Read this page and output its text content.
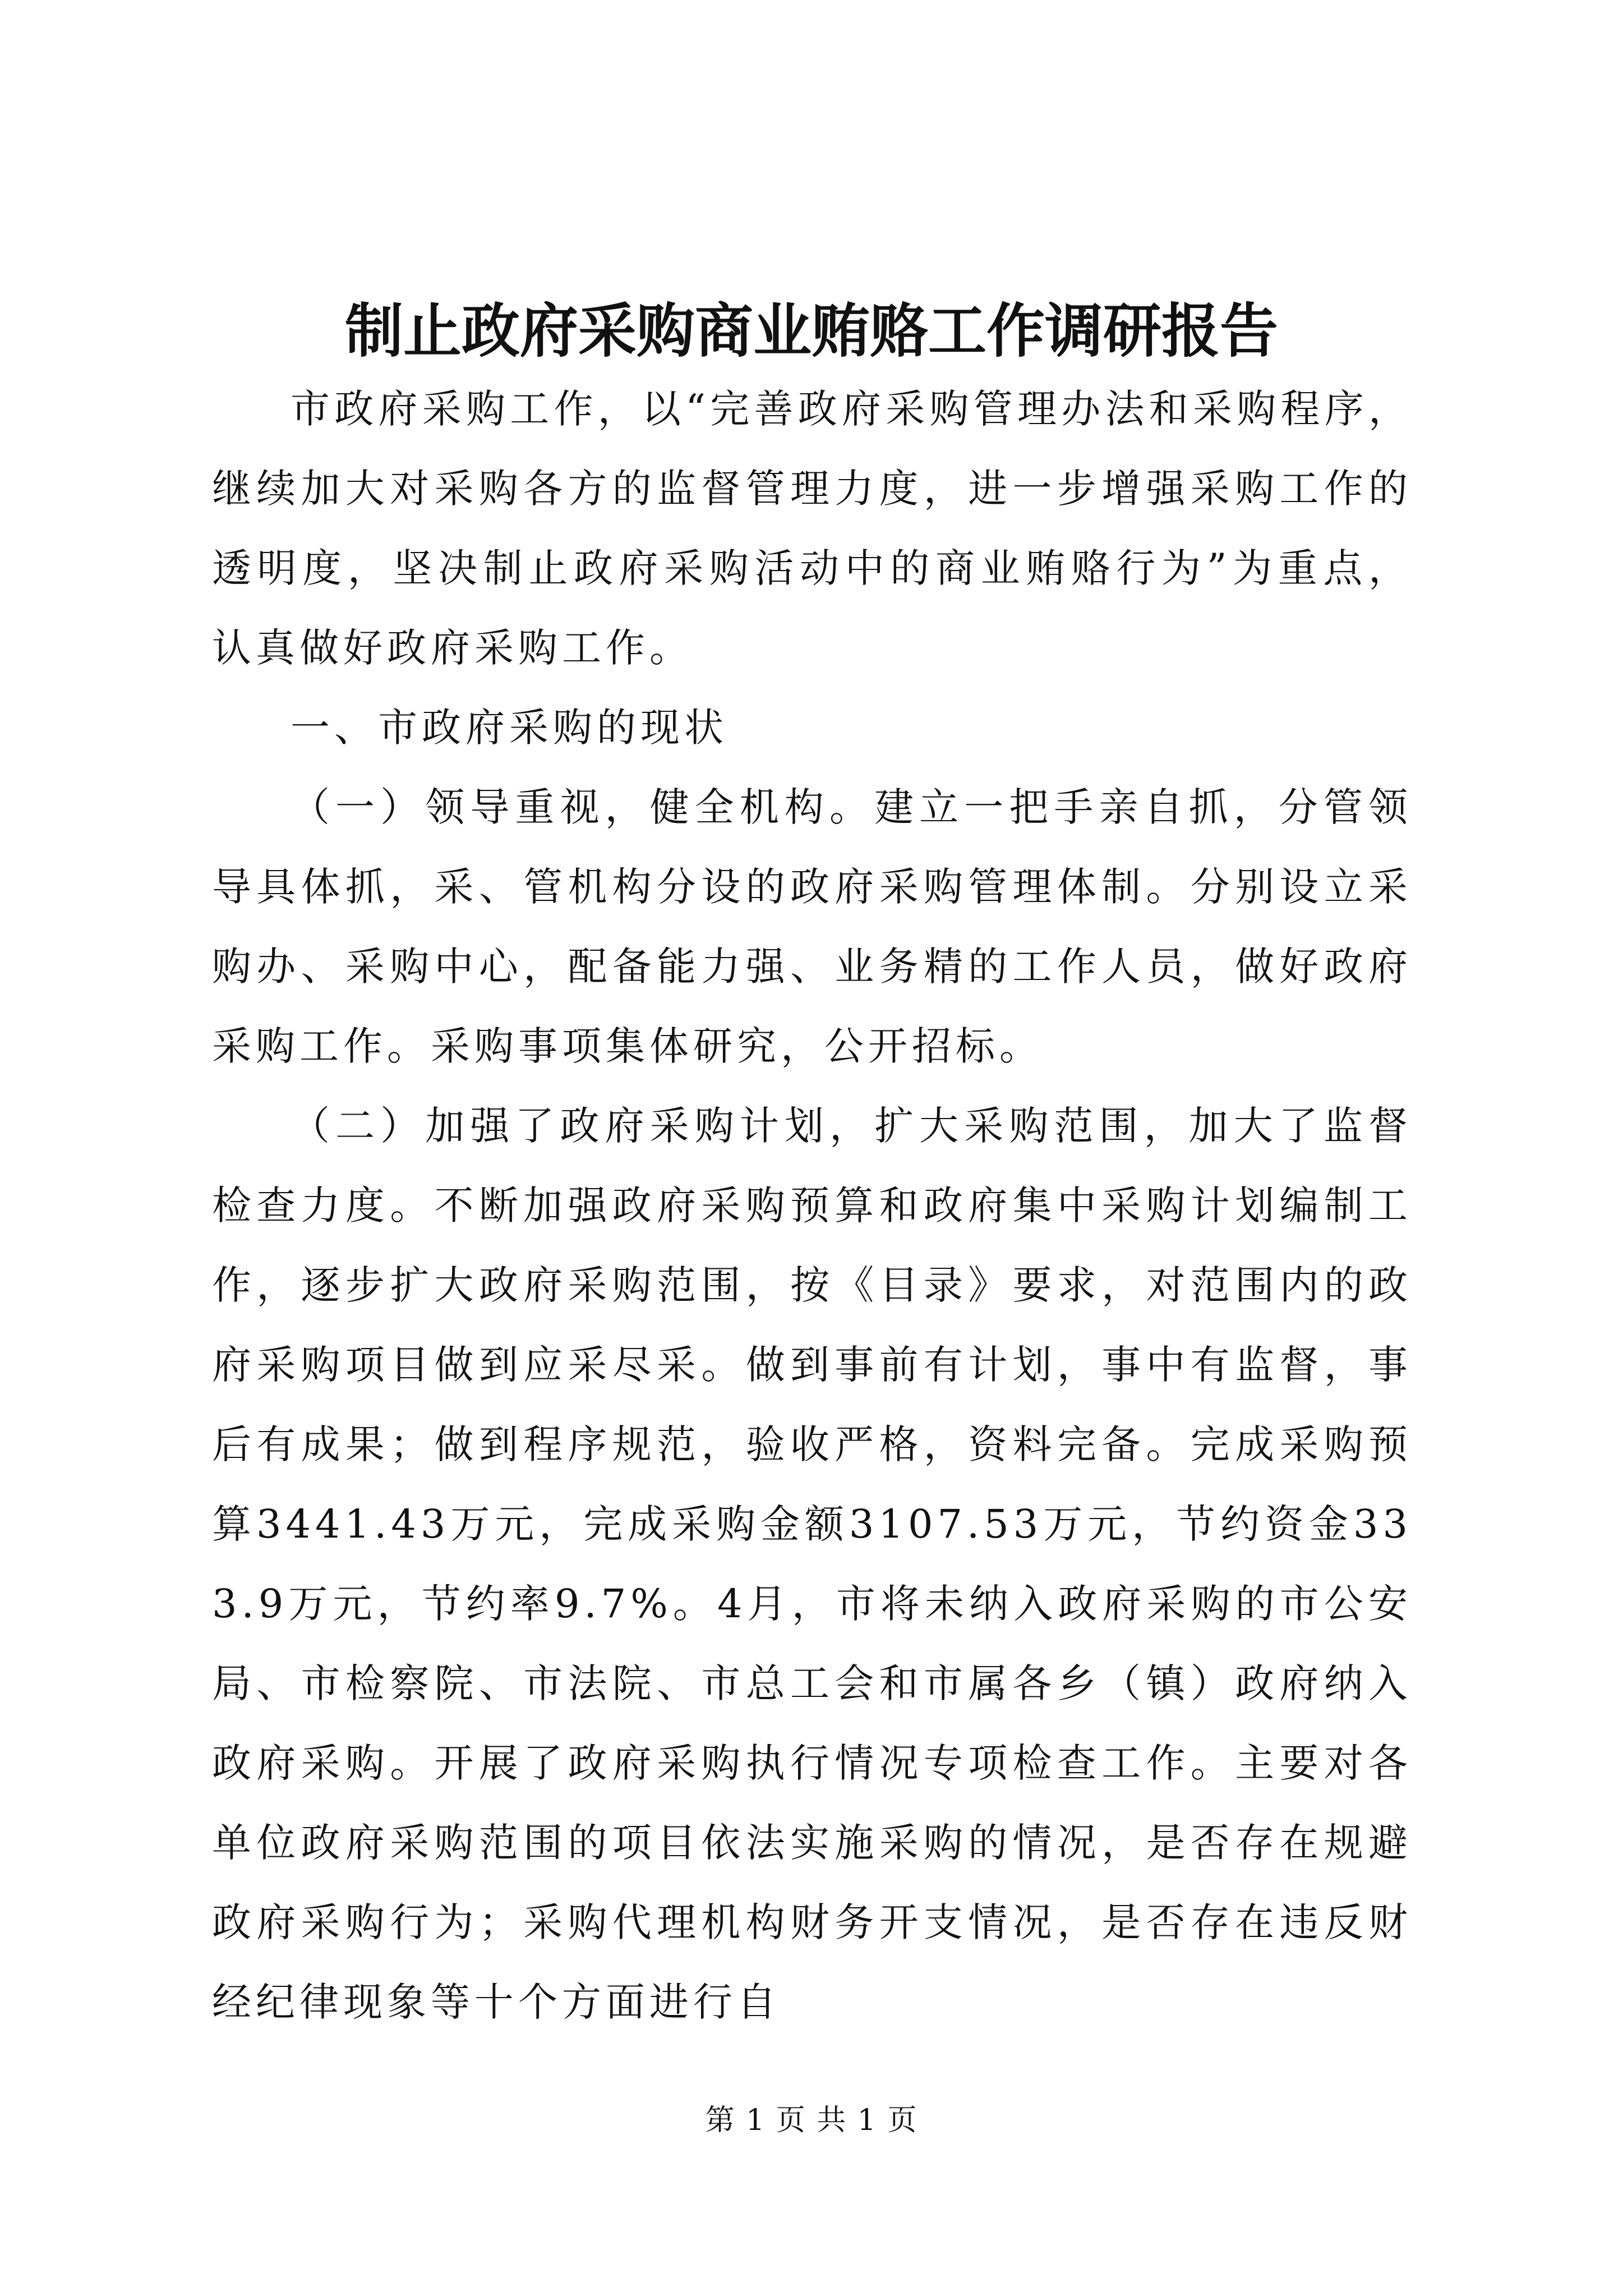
制止政府采购商业贿赂工作调研报告

市政府采购工作，以“完善政府采购管理办法和采购程序，继续加大对采购各方的监督管理力度，进一步增强采购工作的透明度，坚决制止政府采购活动中的商业贿赂行为”为重点，认真做好政府采购工作。

一、市政府采购的现状

（一）领导重视，健全机构。建立一把手亲自抓，分管领导具体抓，采、管机构分设的政府采购管理体制。分别设立采购办、采购中心，配备能力强、业务精的工作人员，做好政府采购工作。采购事项集体研究，公开招标。

（二）加强了政府采购计划，扩大采购范围，加大了监督检查力度。不断加强政府采购预算和政府集中采购计划编制工作，逐步扩大政府采购范围，按《目录》要求，对范围内的政府采购项目做到应采尽采。做到事前有计划，事中有监督，事后有成果；做到程序规范，验收严格，资料完备。完成采购预算3441.43万元，完成采购金额3107.53万元，节约资金333.9万元，节约率9.7%。4月，市将未纳入政府采购的市公安局、市检察院、市法院、市总工会和市属各乡（镇）政府纳入政府采购。开展了政府采购执行情况专项检查工作。主要对各单位政府采购范围的项目依法实施采购的情况，是否存在规避政府采购行为；采购代理机构财务开支情况，是否存在违反财经纪律现象等十个方面进行自

第 1 页 共 1 页
